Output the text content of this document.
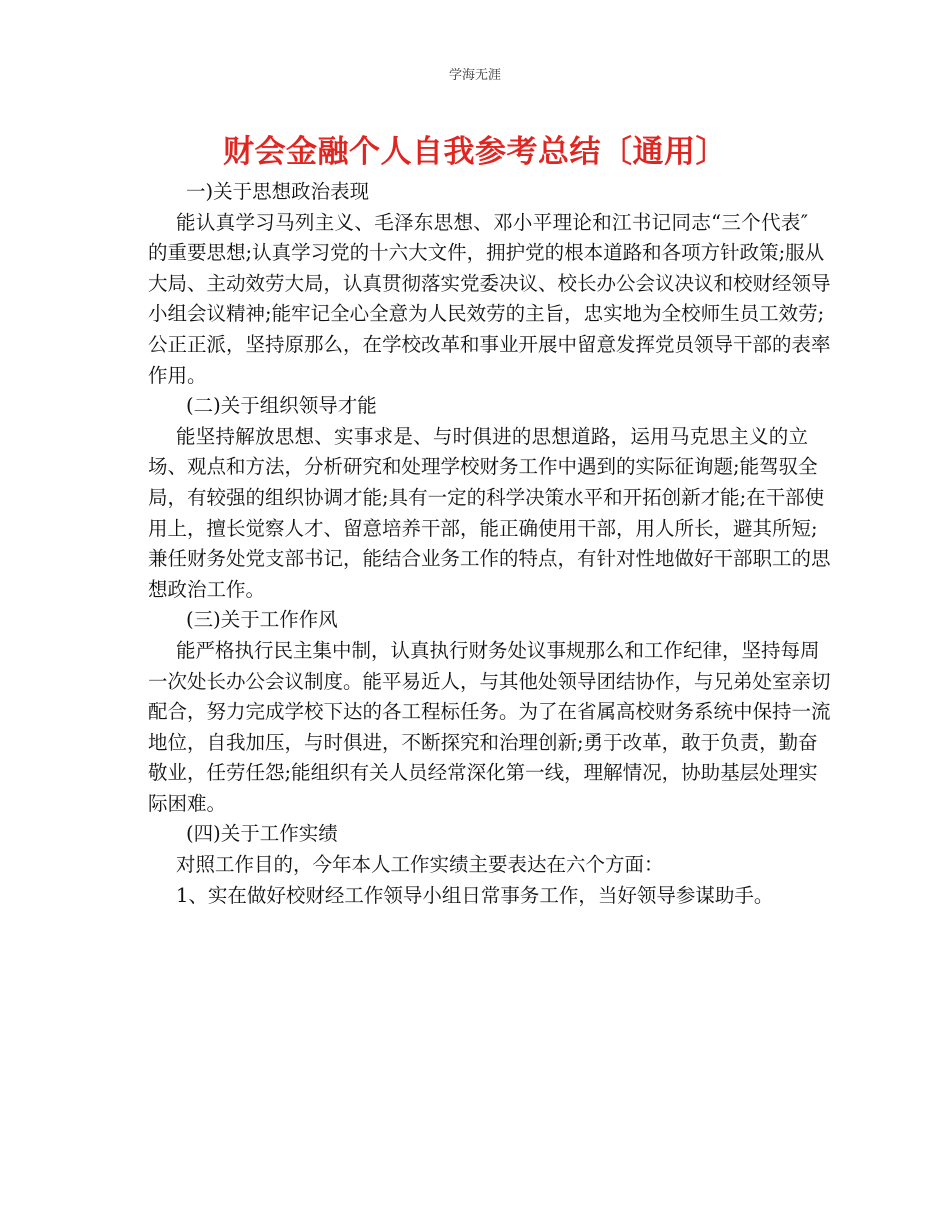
学海无涯
财会金融个人自我参考总结〔通用〕

一)关于思想政治表现

能认真学习马列主义、毛泽东思想、邓小平理论和江书记同志“三个代表″
的重要思想;认真学习党的十六大文件，拥护党的根本道路和各项方针政策;服从
大局、主动效劳大局，认真贯彻落实党委决议、校长办公会议决议和校财经领导
小组会议精神;能牢记全心全意为人民效劳的主旨，忠实地为全校师生员工效劳;
公正正派，坚持原那么，在学校改革和事业开展中留意发挥党员领导干部的表率
作用。

(二)关于组织领导才能

能坚持解放思想、实事求是、与时俱进的思想道路，运用马克思主义的立
场、观点和方法，分析研究和处理学校财务工作中遇到的实际征询题;能驾驭全
局，有较强的组织协调才能;具有一定的科学决策水平和开拓创新才能;在干部使
用上，擅长觉察人才、留意培养干部，能正确使用干部，用人所长，避其所短;
兼任财务处党支部书记，能结合业务工作的特点，有针对性地做好干部职工的思
想政治工作。

(三)关于工作作风

能严格执行民主集中制，认真执行财务处议事规那么和工作纪律，坚持每周
一次处长办公会议制度。能平易近人，与其他处领导团结协作，与兄弟处室亲切
配合，努力完成学校下达的各工程标任务。为了在省属高校财务系统中保持一流
地位，自我加压，与时俱进，不断探究和治理创新;勇于改革，敢于负责，勤奋
敬业，任劳任怨;能组织有关人员经常深化第一线，理解情况，协助基层处理实
际困难。

(四)关于工作实绩

对照工作目的，今年本人工作实绩主要表达在六个方面：
1、实在做好校财经工作领导小组日常事务工作，当好领导参谋助手。
